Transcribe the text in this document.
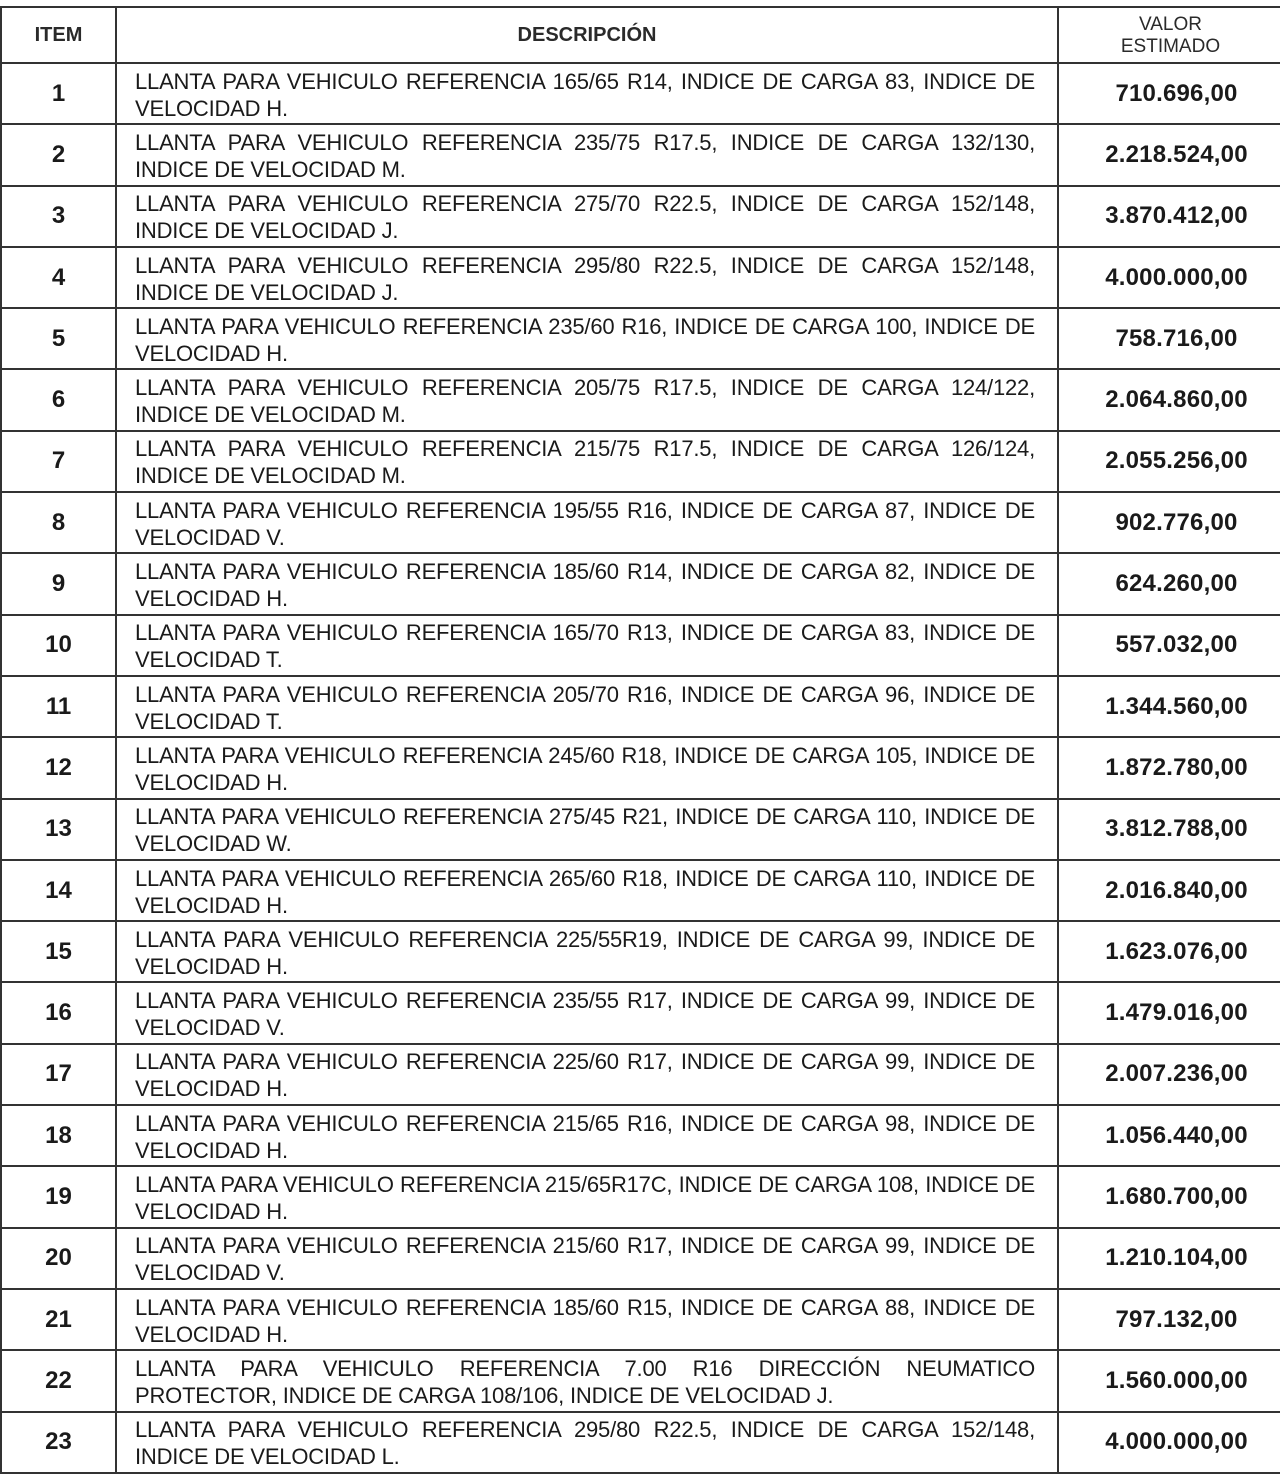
ITEM	DESCRIPCIÓN	VALOR
ESTIMADO

1	LLANTA PARA VEHICULO REFERENCIA 165/65 R14, INDICE DE CARGA 83, INDICE DE VELOCIDAD H.	710.696,00
2	LLANTA PARA VEHICULO REFERENCIA 235/75 R17.5, INDICE DE CARGA 132/130, INDICE DE VELOCIDAD M.	2.218.524,00
3	LLANTA PARA VEHICULO REFERENCIA 275/70 R22.5, INDICE DE CARGA 152/148, INDICE DE VELOCIDAD J.	3.870.412,00
4	LLANTA PARA VEHICULO REFERENCIA 295/80 R22.5, INDICE DE CARGA 152/148, INDICE DE VELOCIDAD J.	4.000.000,00
5	LLANTA PARA VEHICULO REFERENCIA 235/60 R16, INDICE DE CARGA 100, INDICE DE VELOCIDAD H.	758.716,00
6	LLANTA PARA VEHICULO REFERENCIA 205/75 R17.5, INDICE DE CARGA 124/122, INDICE DE VELOCIDAD M.	2.064.860,00
7	LLANTA PARA VEHICULO REFERENCIA 215/75 R17.5, INDICE DE CARGA 126/124, INDICE DE VELOCIDAD M.	2.055.256,00
8	LLANTA PARA VEHICULO REFERENCIA 195/55 R16, INDICE DE CARGA 87, INDICE DE VELOCIDAD V.	902.776,00
9	LLANTA PARA VEHICULO REFERENCIA 185/60 R14, INDICE DE CARGA 82, INDICE DE VELOCIDAD H.	624.260,00
10	LLANTA PARA VEHICULO REFERENCIA 165/70 R13, INDICE DE CARGA 83, INDICE DE VELOCIDAD T.	557.032,00
11	LLANTA PARA VEHICULO REFERENCIA 205/70 R16, INDICE DE CARGA 96, INDICE DE VELOCIDAD T.	1.344.560,00
12	LLANTA PARA VEHICULO REFERENCIA 245/60 R18, INDICE DE CARGA 105, INDICE DE VELOCIDAD H.	1.872.780,00
13	LLANTA PARA VEHICULO REFERENCIA 275/45 R21, INDICE DE CARGA 110, INDICE DE VELOCIDAD W.	3.812.788,00
14	LLANTA PARA VEHICULO REFERENCIA 265/60 R18, INDICE DE CARGA 110, INDICE DE VELOCIDAD H.	2.016.840,00
15	LLANTA PARA VEHICULO REFERENCIA 225/55R19, INDICE DE CARGA 99, INDICE DE VELOCIDAD H.	1.623.076,00
16	LLANTA PARA VEHICULO REFERENCIA 235/55 R17, INDICE DE CARGA 99, INDICE DE VELOCIDAD V.	1.479.016,00
17	LLANTA PARA VEHICULO REFERENCIA 225/60 R17, INDICE DE CARGA 99, INDICE DE VELOCIDAD H.	2.007.236,00
18	LLANTA PARA VEHICULO REFERENCIA 215/65 R16, INDICE DE CARGA 98, INDICE DE VELOCIDAD H.	1.056.440,00
19	LLANTA PARA VEHICULO REFERENCIA 215/65R17C, INDICE DE CARGA 108, INDICE DE VELOCIDAD H.	1.680.700,00
20	LLANTA PARA VEHICULO REFERENCIA 215/60 R17, INDICE DE CARGA 99, INDICE DE VELOCIDAD V.	1.210.104,00
21	LLANTA PARA VEHICULO REFERENCIA 185/60 R15, INDICE DE CARGA 88, INDICE DE VELOCIDAD H.	797.132,00
22	LLANTA PARA VEHICULO REFERENCIA 7.00 R16 DIRECCIÓN NEUMATICO PROTECTOR, INDICE DE CARGA 108/106, INDICE DE VELOCIDAD J.	1.560.000,00
23	LLANTA PARA VEHICULO REFERENCIA 295/80 R22.5, INDICE DE CARGA 152/148, INDICE DE VELOCIDAD L.	4.000.000,00
